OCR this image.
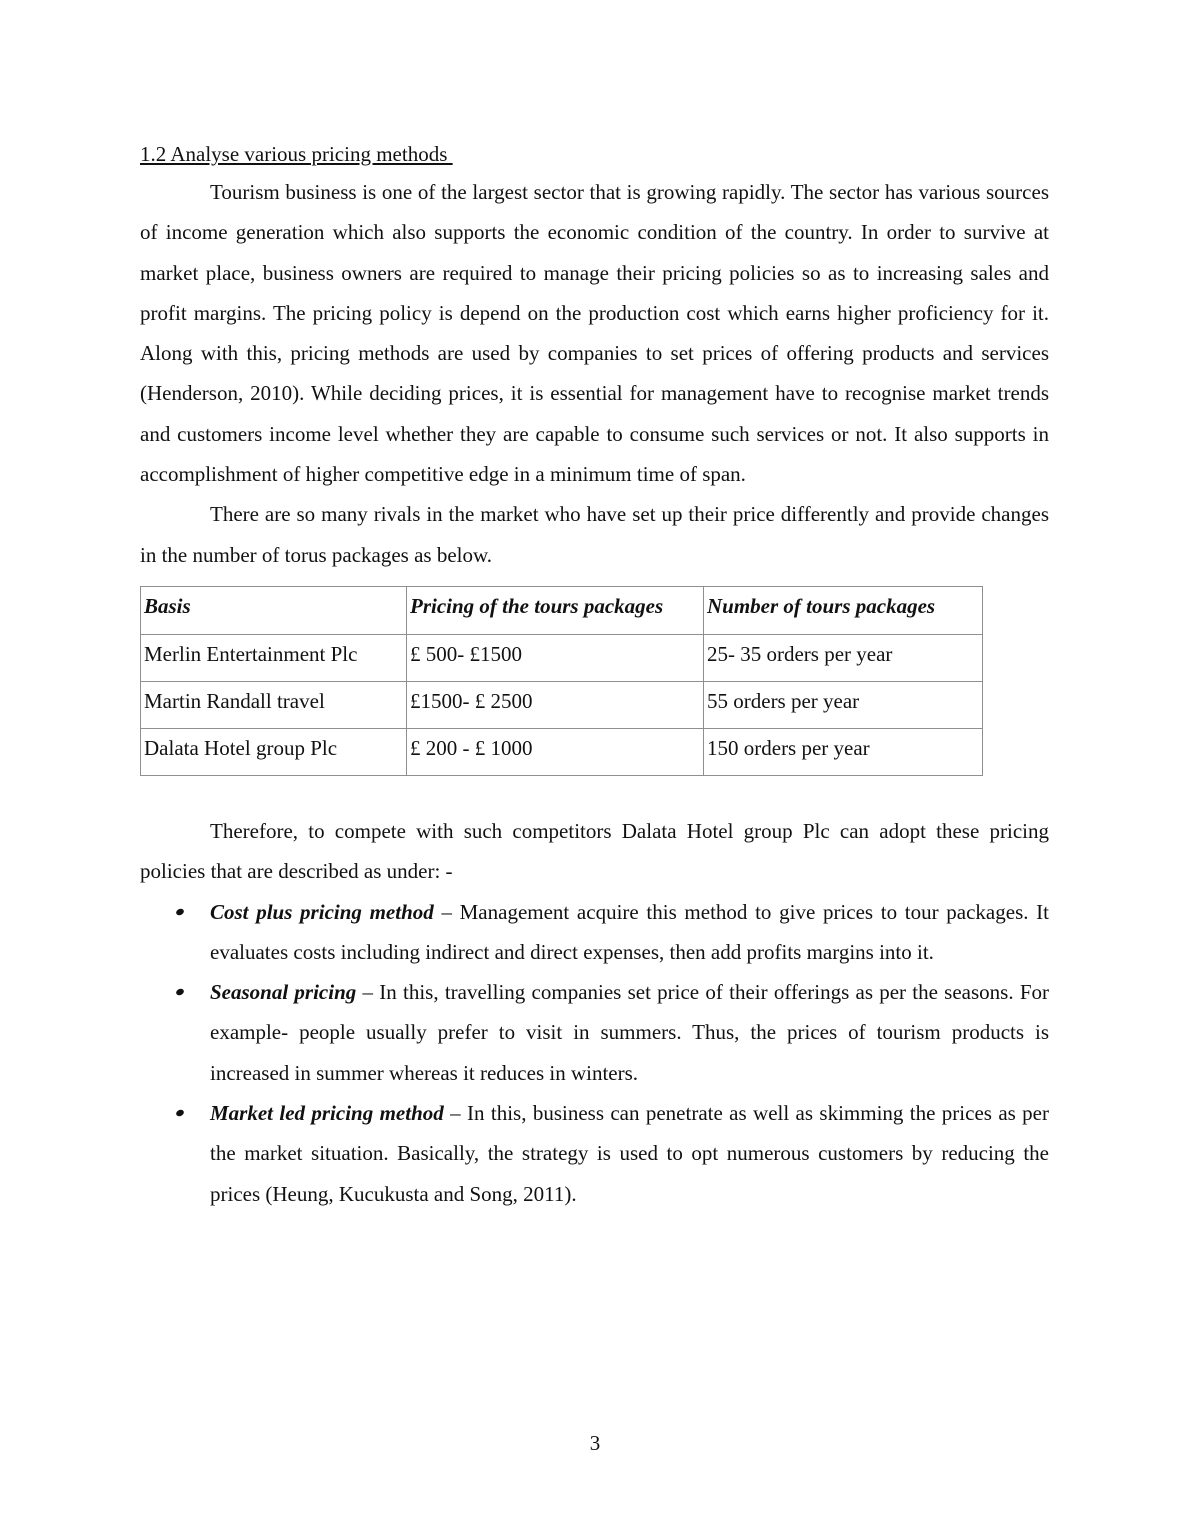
1.2 Analyse various pricing methods

Tourism business is one of the largest sector that is growing rapidly. The sector has various sources of income generation which also supports the economic condition of the country. In order to survive at market place, business owners are required to manage their pricing policies so as to increasing sales and profit margins. The pricing policy is depend on the production cost which earns higher proficiency for it. Along with this, pricing methods are used by companies to set prices of offering products and services (Henderson, 2010). While deciding prices, it is essential for management have to recognise market trends and customers income level whether they are capable to consume such services or not. It also supports in accomplishment of higher competitive edge in a minimum time of span.

There are so many rivals in the market who have set up their price differently and provide changes in the number of torus packages as below.

Basis	Pricing of the tours packages	Number of tours packages
Merlin Entertainment Plc	£ 500- £1500	25- 35 orders per year
Martin Randall travel	£1500- £ 2500	55 orders per year
Dalata Hotel group Plc	£ 200 - £ 1000	150 orders per year

Therefore, to compete with such competitors Dalata Hotel group Plc can adopt these pricing policies that are described as under: -

Cost plus pricing method – Management acquire this method to give prices to tour packages. It evaluates costs including indirect and direct expenses, then add profits margins into it.
Seasonal pricing – In this, travelling companies set price of their offerings as per the seasons. For example- people usually prefer to visit in summers. Thus, the prices of tourism products is increased in summer whereas it reduces in winters.
Market led pricing method – In this, business can penetrate as well as skimming the prices as per the market situation. Basically, the strategy is used to opt numerous customers by reducing the prices (Heung, Kucukusta and Song, 2011).
3
